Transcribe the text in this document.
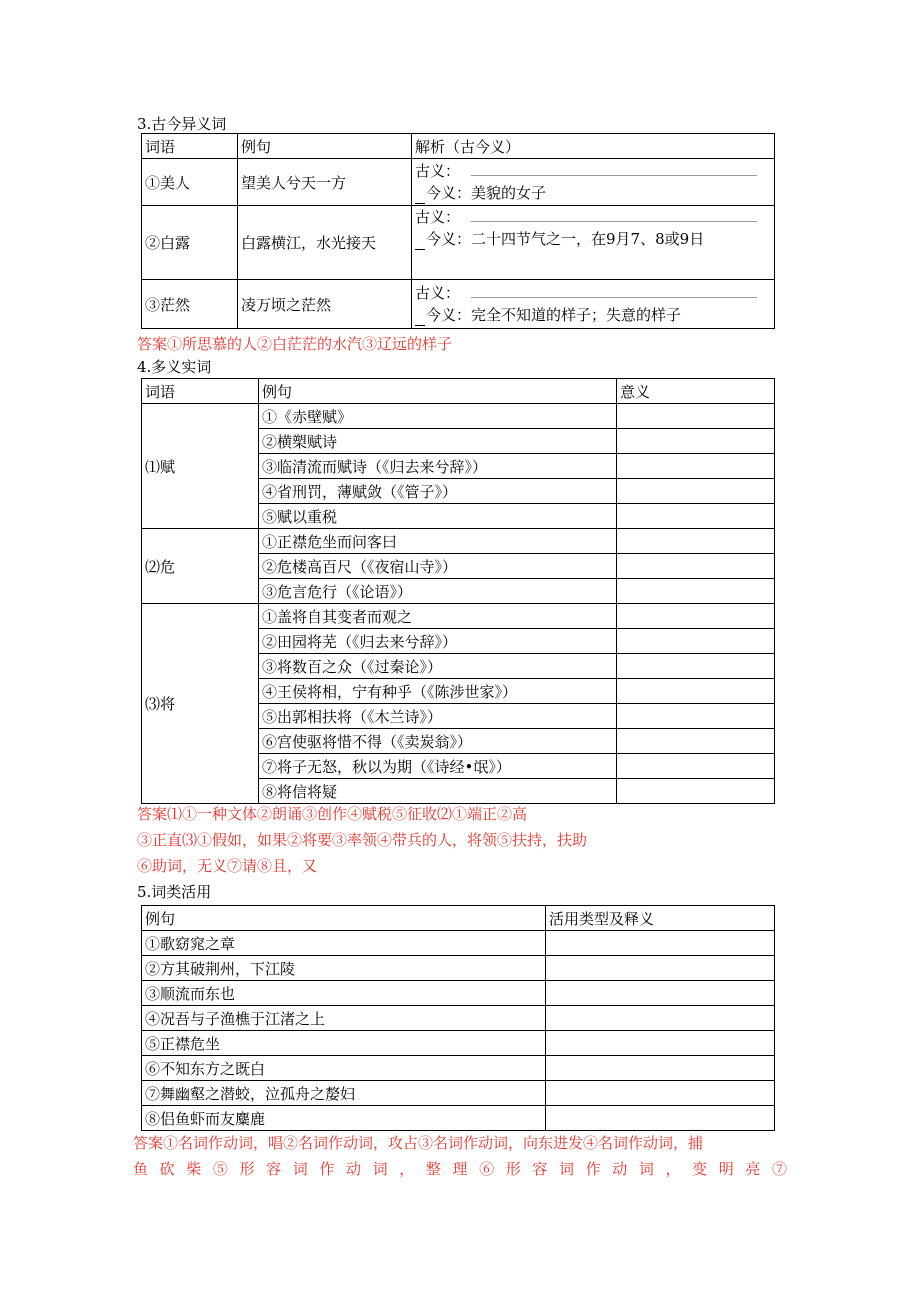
3.古今异义词
词语	例句	解析（古今义）
①美人	望美人兮天一方	古义：
今义：美貌的女子

②白露	白露横江，水光接天	古义：
今义：二十四节气之一，在9月7、8或9日

③茫然	凌万顷之茫然	古义：
今义：完全不知道的样子；失意的样子
答案①所思慕的人②白茫茫的水汽③辽远的样子
4.多义实词
词语	例句	意义
⑴赋	①《赤壁赋》	
	②横槊赋诗	
	③临清流而赋诗（《归去来兮辞》）	
	④省刑罚，薄赋敛（《管子》）	
	⑤赋以重税	
⑵危	①正襟危坐而问客曰	
	②危楼高百尺（《夜宿山寺》）	
	③危言危行（《论语》）	
⑶将	①盖将自其变者而观之	
	②田园将芜（《归去来兮辞》）	
	③将数百之众（《过秦论》）	
	④王侯将相，宁有种乎（《陈涉世家》）	
	⑤出郭相扶将（《木兰诗》）	
	⑥宫使驱将惜不得（《卖炭翁》）	
	⑦将子无怒，秋以为期（《诗经•氓》）	
	⑧将信将疑	
答案⑴①一种文体②朗诵③创作④赋税⑤征收⑵①端正②高
③正直⑶①假如，如果②将要③率领④带兵的人，将领⑤扶持，扶助
⑥助词，无义⑦请⑧且，又
5.词类活用
例句	活用类型及释义
①歌窈窕之章	
②方其破荆州，下江陵	
③顺流而东也	
④况吾与子渔樵于江渚之上	
⑤正襟危坐	
⑥不知东方之既白	
⑦舞幽壑之潜蛟，泣孤舟之嫠妇	
⑧侣鱼虾而友麋鹿	
答案①名词作动词，唱②名词作动词，攻占③名词作动词，向东进发④名词作动词，捕
鱼砍柴⑤形容词作动词，整理⑥形容词作动词，变明亮⑦
